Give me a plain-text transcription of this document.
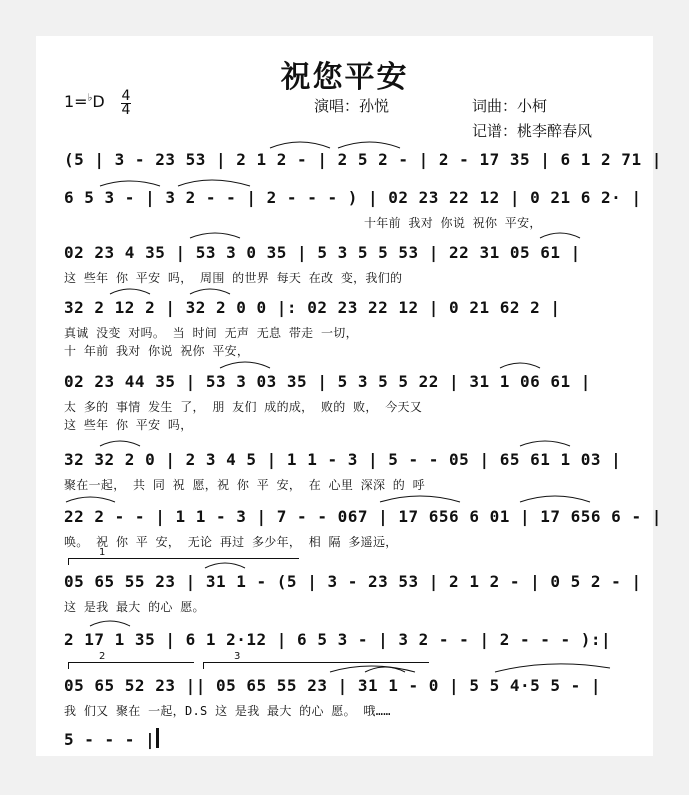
祝您平安
1=♭D 4
4	演唱：孙悦	词曲：小柯
记谱：桃李醉春风
(5 | 3 - 23 53 | 2 1 2 - | 2 5 2 - | 2 - 17 35 | 6 1 2 71 |
6 5 3 - | 3 2 - - | 2 - - - ) | 02 23 22 12 | 0 21 6 2· |
十年前 我对 你说 祝你 平安，
02 23 4 35 | 53 3 0 35 | 5 3 5 5 53 | 22 31 05 61 |
这 些年 你 平安 吗， 周围 的世界 每天 在改 变，我们的
32 2 12 2 | 32 2 0 0 |: 02 23 22 12 | 0 21 62 2 |
真诚 没变 对吗。 当 时间 无声 无息 带走 一切，
十 年前 我对 你说 祝你 平安，
02 23 44 35 | 53 3 03 35 | 5 3 5 5 22 | 31 1 06 61 |
太 多的 事情 发生 了， 朋 友们 成的成， 败的 败， 今天又
这 些年 你 平安 吗，
32 32 2 0 | 2 3 4 5 | 1 1 - 3 | 5 - - 05 | 65 61 1 03 |
聚在一起， 共 同 祝 愿，祝 你 平 安， 在 心里 深深 的 呼
22 2 - - | 1 1 - 3 | 7 - - 067 | 17 656 6 01 | 17 656 6 - |
唤。 祝 你 平 安， 无论 再过 多少年， 相 隔 多遥远，
1
05 65 55 23 | 31 1 - (5 | 3 - 23 53 | 2 1 2 - | 0 5 2 - |
这 是我 最大 的心 愿。
2 17 1 35 | 6 1 2·12 | 6 5 3 - | 3 2 - - | 2 - - - ):|
2	3
05 65 52 23 || 05 65 55 23 | 31 1 - 0 | 5 5 4·5 5 - |
我 们又 聚在 一起，D.S 这 是我 最大 的心 愿。 哦……
5 - - - |
